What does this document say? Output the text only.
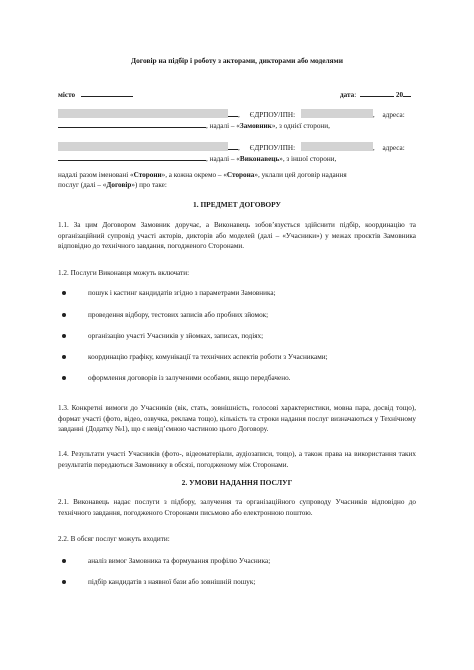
Договір на підбір і роботу з акторами, дикторами або моделями
місто	дата:	20
, ЄДРПОУ/ІПН:	, адреса:
, надалі – «Замовник», з однієї сторони,
, ЄДРПОУ/ІПН:	, адреса:
, надалі – «Виконавець», з іншої сторони,
надалі разом іменовані «Сторони», а кожна окремо – «Сторона», уклали цей договір надання
послуг (далі – «Договір») про таке:
1. ПРЕДМЕТ ДОГОВОРУ
1.1. За цим Договором Замовник доручає, а Виконавець зобов’язується здійснити підбір, координацію та організаційний супровід участі акторів, дикторів або моделей (далі – «Учасники») у межах проєктів Замовника відповідно до технічного завдання, погодженого Сторонами.
1.2. Послуги Виконавця можуть включати:
пошук і кастинг кандидатів згідно з параметрами Замовника;
проведення відбору, тестових записів або пробних зйомок;
організацію участі Учасників у зйомках, записах, подіях;
координацію графіку, комунікації та технічних аспектів роботи з Учасниками;
оформлення договорів із залученими особами, якщо передбачено.
1.3. Конкретні вимоги до Учасників (вік, стать, зовнішність, голосові характеристики, мовна пара, досвід тощо), формат участі (фото, відео, озвучка, реклама тощо), кількість та строки надання послуг визначаються у Технічному завданні (Додатку №1), що є невід’ємною частиною цього Договору.
1.4. Результати участі Учасників (фото-, відеоматеріали, аудіозаписи, тощо), а також права на використання таких результатів передаються Замовнику в обсязі, погодженому між Сторонами.
2. УМОВИ НАДАННЯ ПОСЛУГ
2.1. Виконавець надає послуги з підбору, залучення та організаційного супроводу Учасників відповідно до технічного завдання, погодженого Сторонами письмово або електронною поштою.
2.2. В обсяг послуг можуть входити:
аналіз вимог Замовника та формування профілю Учасника;
підбір кандидатів з наявної бази або зовнішній пошук;
